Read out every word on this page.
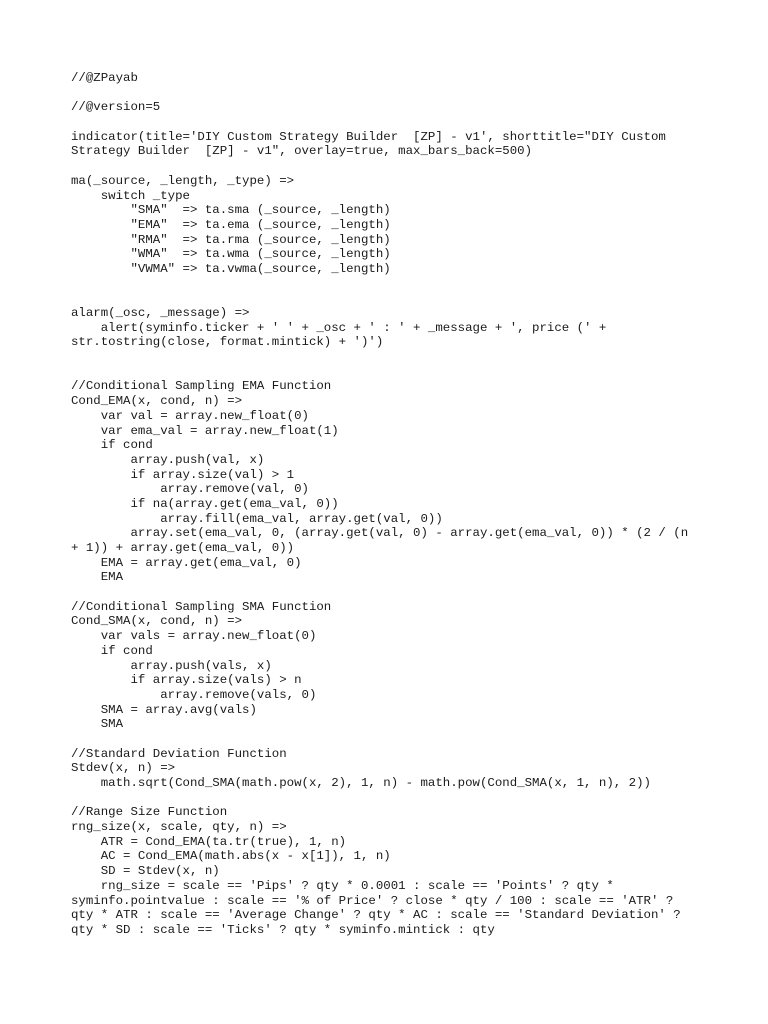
//@ZPayab
//@version=5
indicator(title='DIY Custom Strategy Builder  [ZP] - v1', shorttitle="DIY Custom
Strategy Builder  [ZP] - v1", overlay=true, max_bars_back=500)
ma(_source, _length, _type) =>
switch _type
"SMA"  => ta.sma (_source, _length)
"EMA"  => ta.ema (_source, _length)
"RMA"  => ta.rma (_source, _length)
"WMA"  => ta.wma (_source, _length)
"VWMA" => ta.vwma(_source, _length)
alarm(_osc, _message) =>
alert(syminfo.ticker + ' ' + _osc + ' : ' + _message + ', price (' +
str.tostring(close, format.mintick) + ')')
//Conditional Sampling EMA Function
Cond_EMA(x, cond, n) =>
var val = array.new_float(0)
var ema_val = array.new_float(1)
if cond
array.push(val, x)
if array.size(val) > 1
array.remove(val, 0)
if na(array.get(ema_val, 0))
array.fill(ema_val, array.get(val, 0))
array.set(ema_val, 0, (array.get(val, 0) - array.get(ema_val, 0)) * (2 / (n
+ 1)) + array.get(ema_val, 0))
EMA = array.get(ema_val, 0)
EMA
//Conditional Sampling SMA Function
Cond_SMA(x, cond, n) =>
var vals = array.new_float(0)
if cond
array.push(vals, x)
if array.size(vals) > n
array.remove(vals, 0)
SMA = array.avg(vals)
SMA
//Standard Deviation Function
Stdev(x, n) =>
math.sqrt(Cond_SMA(math.pow(x, 2), 1, n) - math.pow(Cond_SMA(x, 1, n), 2))
//Range Size Function
rng_size(x, scale, qty, n) =>
ATR = Cond_EMA(ta.tr(true), 1, n)
AC = Cond_EMA(math.abs(x - x[1]), 1, n)
SD = Stdev(x, n)
rng_size = scale == 'Pips' ? qty * 0.0001 : scale == 'Points' ? qty *
syminfo.pointvalue : scale == '% of Price' ? close * qty / 100 : scale == 'ATR' ?
qty * ATR : scale == 'Average Change' ? qty * AC : scale == 'Standard Deviation' ?
qty * SD : scale == 'Ticks' ? qty * syminfo.mintick : qty
